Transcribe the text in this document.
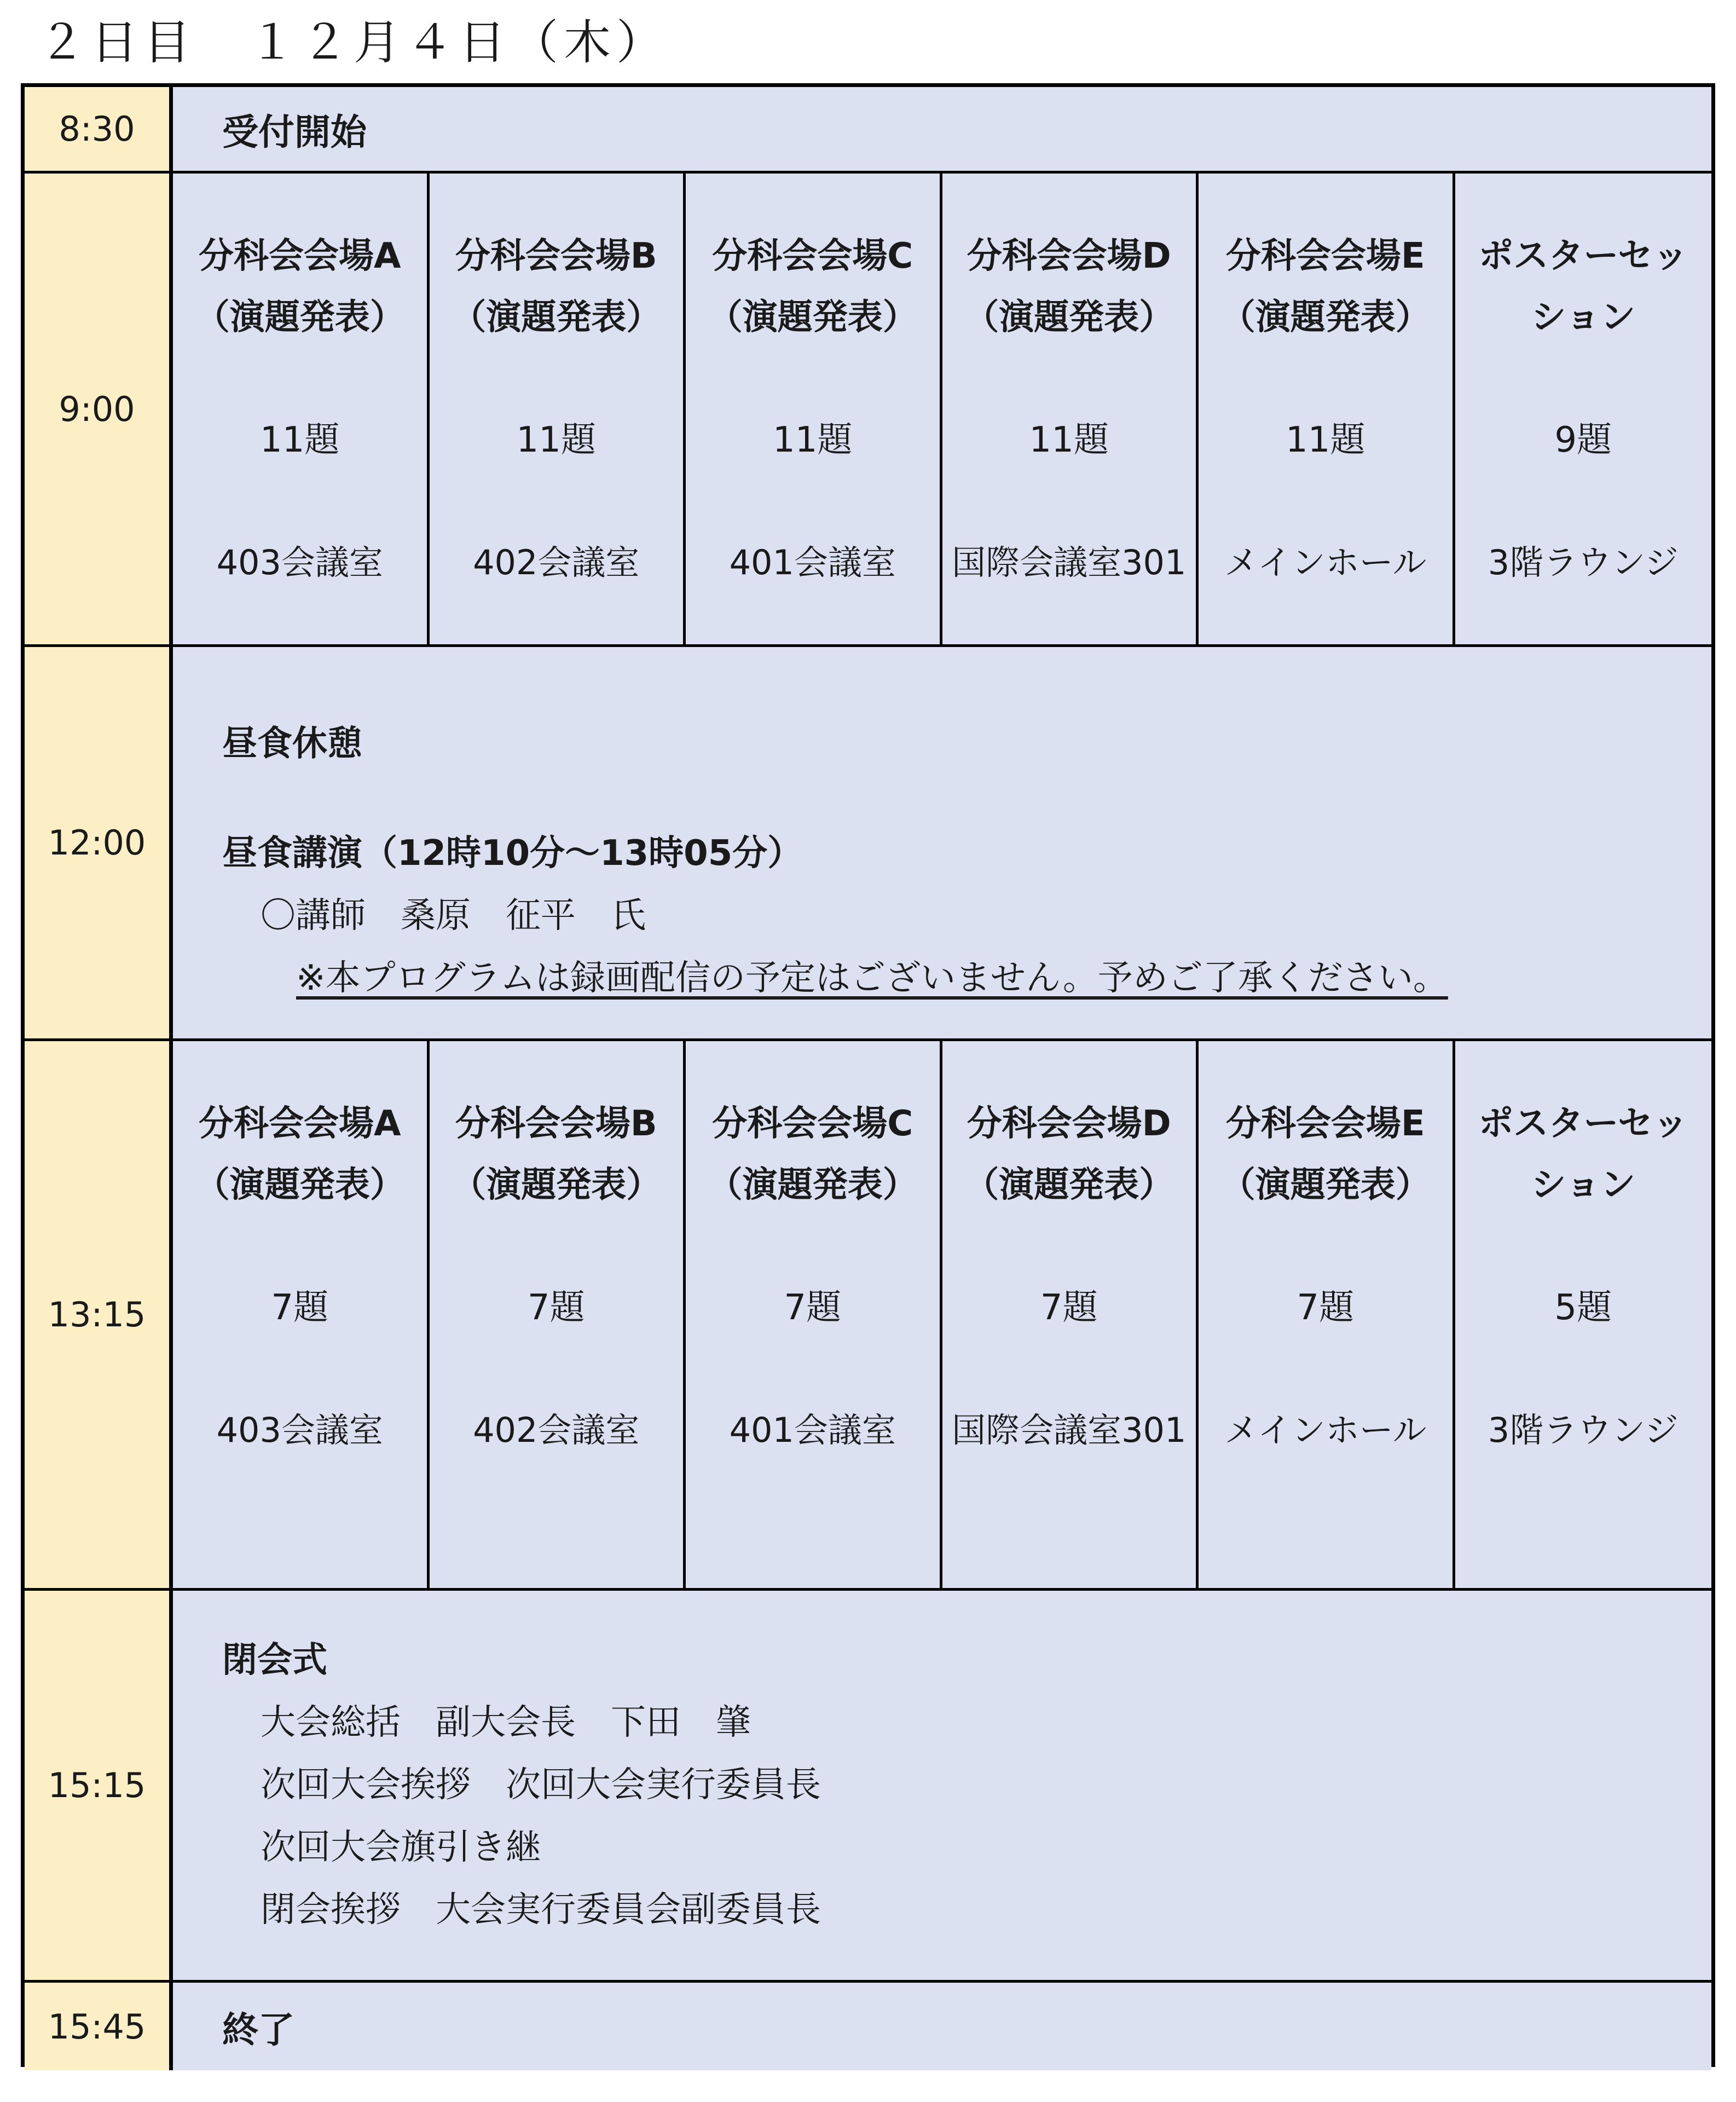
２日目　１２月４日（木）
8:30	受付開始
9:00
分科会会場A
（演題発表）
11題
403会議室
分科会会場B
（演題発表）
11題
402会議室
分科会会場C
（演題発表）
11題
401会議室
分科会会場D
（演題発表）
11題
国際会議室301
分科会会場E
（演題発表）
11題
メインホール
ポスターセッ
ション
9題
3階ラウンジ
12:00
昼食休憩
昼食講演（12時10分～13時05分）
〇講師　桑原　征平　氏
※本プログラムは録画配信の予定はございません。予めご了承ください。
13:15
分科会会場A
（演題発表）
7題
403会議室
分科会会場B
（演題発表）
7題
402会議室
分科会会場C
（演題発表）
7題
401会議室
分科会会場D
（演題発表）
7題
国際会議室301
分科会会場E
（演題発表）
7題
メインホール
ポスターセッ
ション
5題
3階ラウンジ
15:15
閉会式
大会総括　副大会長　下田　肇
次回大会挨拶　次回大会実行委員長
次回大会旗引き継
閉会挨拶　大会実行委員会副委員長
15:45	終了
